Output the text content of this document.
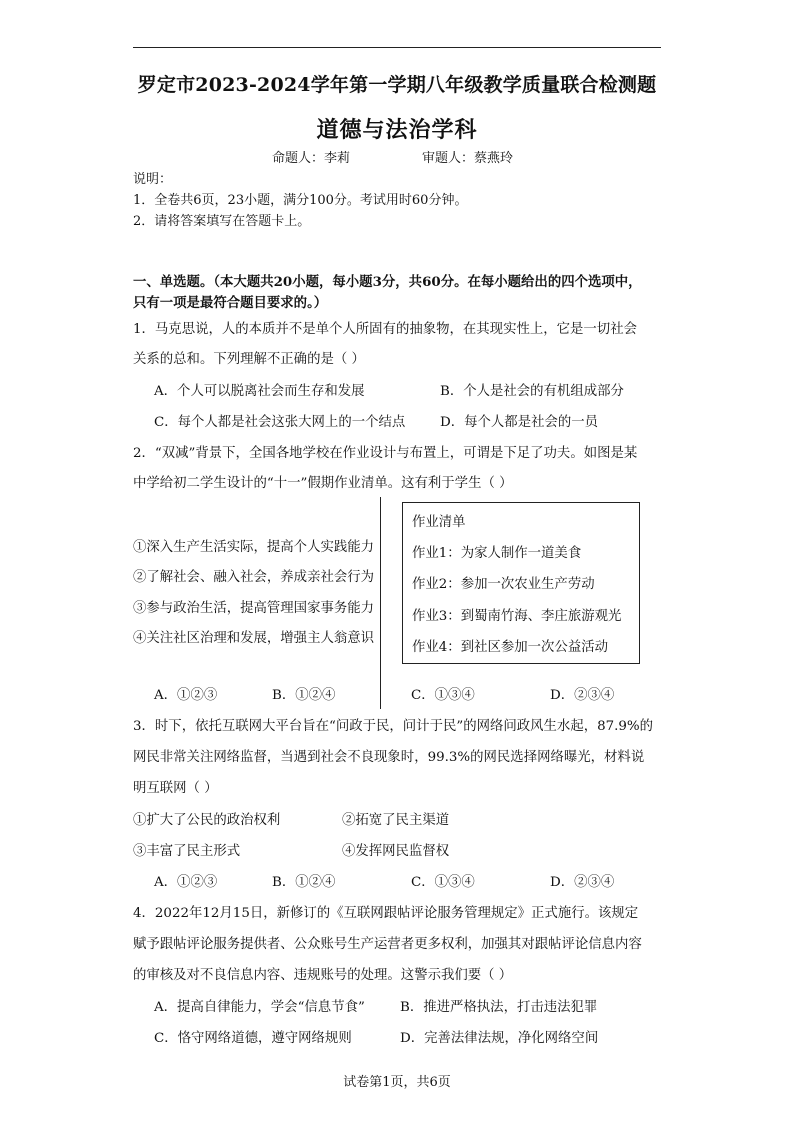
罗定市2023-2024学年第一学期八年级教学质量联合检测题
道德与法治学科
命题人：李莉	审题人：蔡燕玲
说明：
1．全卷共6页，23小题，满分100分。考试用时60分钟。
2．请将答案填写在答题卡上。
一、单选题。（本大题共20小题，每小题3分，共60分。在每小题给出的四个选项中，
只有一项是最符合题目要求的。）
1．马克思说，人的本质并不是单个人所固有的抽象物，在其现实性上，它是一切社会
关系的总和。下列理解不正确的是（ ）
A．个人可以脱离社会而生存和发展	B．个人是社会的有机组成部分
C．每个人都是社会这张大网上的一个结点	D．每个人都是社会的一员
2．“双减”背景下，全国各地学校在作业设计与布置上，可谓是下足了功夫。如图是某
中学给初二学生设计的“十一”假期作业清单。这有利于学生（ ）
①深入生产生活实际，提高个人实践能力
②了解社会、融入社会，养成亲社会行为
③参与政治生活，提高管理国家事务能力
④关注社区治理和发展，增强主人翁意识
作业清单
作业1：为家人制作一道美食
作业2：参加一次农业生产劳动
作业3：到蜀南竹海、李庄旅游观光
作业4：到社区参加一次公益活动
A．①②③	B．①②④	C．①③④	D．②③④
3．时下，依托互联网大平台旨在“问政于民，问计于民”的网络问政风生水起，87.9%的
网民非常关注网络监督，当遇到社会不良现象时，99.3%的网民选择网络曝光，材料说
明互联网（ ）
①扩大了公民的政治权利	②拓宽了民主渠道
③丰富了民主形式	④发挥网民监督权
A．①②③	B．①②④	C．①③④	D．②③④
4．2022年12月15日，新修订的《互联网跟帖评论服务管理规定》正式施行。该规定
赋予跟帖评论服务提供者、公众账号生产运营者更多权利，加强其对跟帖评论信息内容
的审核及对不良信息内容、违规账号的处理。这警示我们要（ ）
A．提高自律能力，学会“信息节食”	B．推进严格执法，打击违法犯罪
C．恪守网络道德，遵守网络规则	D．完善法律法规，净化网络空间
试卷第1页，共6页
